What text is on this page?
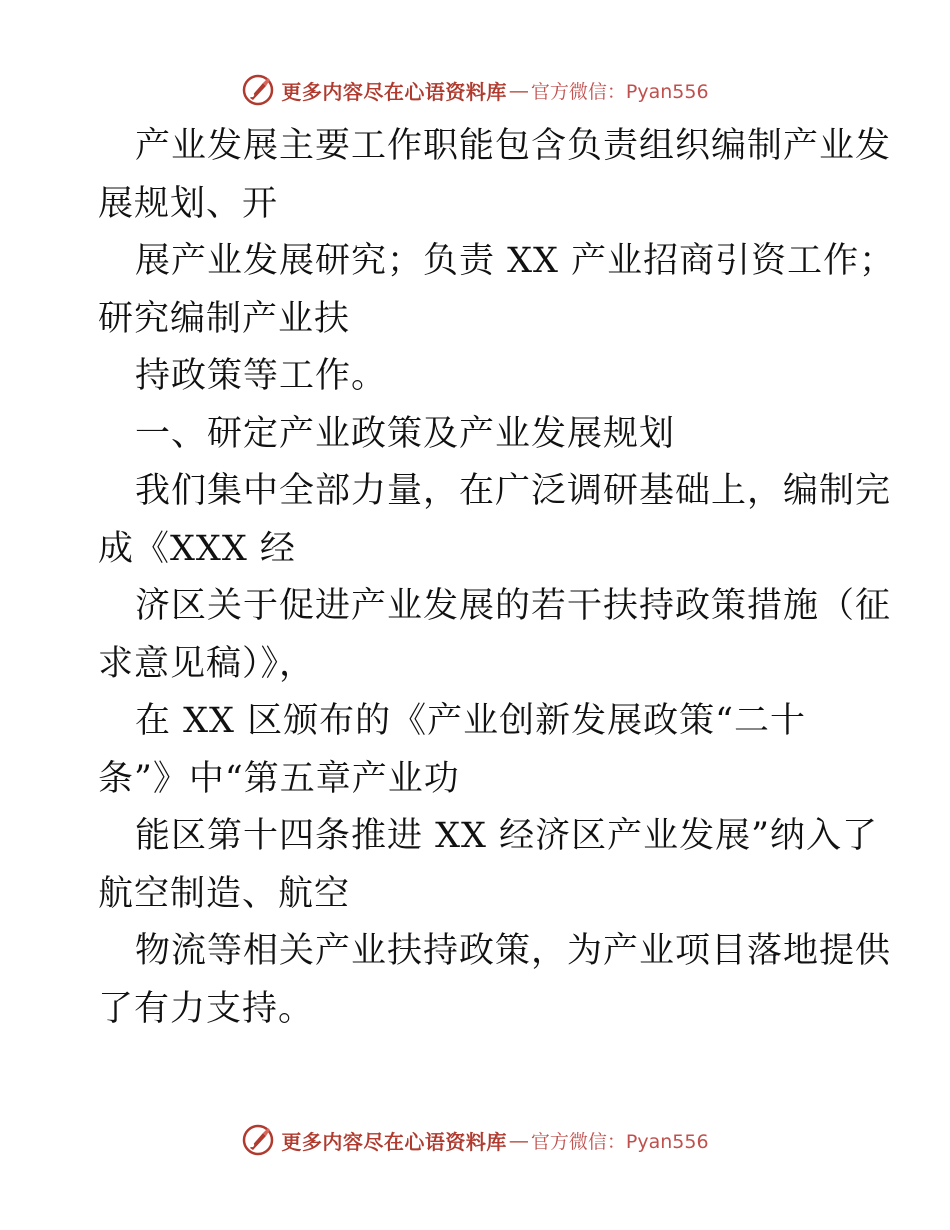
更多内容尽在心语资料库 — 官方微信：Pyan556
产业发展主要工作职能包含负责组织编制产业发
展规划、开
展产业发展研究；负责 XX 产业招商引资工作；
研究编制产业扶
持政策等工作。
一、研定产业政策及产业发展规划
我们集中全部力量，在广泛调研基础上，编制完
成《XXX 经
济区关于促进产业发展的若干扶持政策措施（征
求意见稿）》，
在 XX 区颁布的《产业创新发展政策“二十
条”》中“第五章产业功
能区第十四条推进 XX 经济区产业发展”纳入了
航空制造、航空
物流等相关产业扶持政策，为产业项目落地提供
了有力支持。
更多内容尽在心语资料库 — 官方微信：Pyan556
